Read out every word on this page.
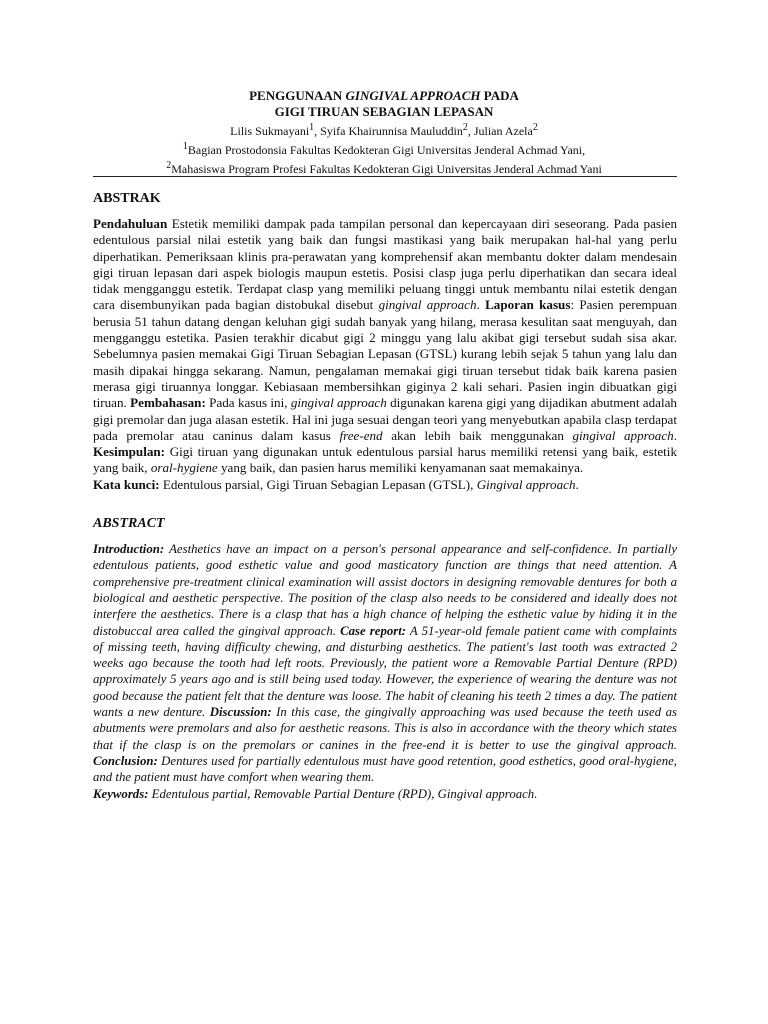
PENGGUNAAN GINGIVAL APPROACH PADA

GIGI TIRUAN SEBAGIAN LEPASAN

Lilis Sukmayani$^1$, Syifa Khairunnisa Mauluddin$^2$, Julian Azela$^2$

$^1$Bagian Prostodonsia Fakultas Kedokteran Gigi Universitas Jenderal Achmad Yani,

$^2$Mahasiswa Program Profesi Fakultas Kedokteran Gigi Universitas Jenderal Achmad Yani

ABSTRAK

Pendahuluan Estetik memiliki dampak pada tampilan personal dan kepercayaan diri seseorang. Pada pasien edentulous parsial nilai estetik yang baik dan fungsi mastikasi yang baik merupakan hal-hal yang perlu diperhatikan. Pemeriksaan klinis pra-perawatan yang komprehensif akan membantu dokter dalam mendesain gigi tiruan lepasan dari aspek biologis maupun estetis. Posisi clasp juga perlu diperhatikan dan secara ideal tidak mengganggu estetik. Terdapat clasp yang memiliki peluang tinggi untuk membantu nilai estetik dengan cara disembunyikan pada bagian distobukal disebut gingival approach. Laporan kasus: Pasien perempuan berusia 51 tahun datang dengan keluhan gigi sudah banyak yang hilang, merasa kesulitan saat menguyah, dan mengganggu estetika. Pasien terakhir dicabut gigi 2 minggu yang lalu akibat gigi tersebut sudah sisa akar. Sebelumnya pasien memakai Gigi Tiruan Sebagian Lepasan (GTSL) kurang lebih sejak 5 tahun yang lalu dan masih dipakai hingga sekarang. Namun, pengalaman memakai gigi tiruan tersebut tidak baik karena pasien merasa gigi tiruannya longgar. Kebiasaan membersihkan giginya 2 kali sehari. Pasien ingin dibuatkan gigi tiruan. Pembahasan: Pada kasus ini, gingival approach digunakan karena gigi yang dijadikan abutment adalah gigi premolar dan juga alasan estetik. Hal ini juga sesuai dengan teori yang menyebutkan apabila clasp terdapat pada premolar atau caninus dalam kasus free-end akan lebih baik menggunakan gingival approach. Kesimpulan: Gigi tiruan yang digunakan untuk edentulous parsial harus memiliki retensi yang baik, estetik yang baik, oral-hygiene yang baik, dan pasien harus memiliki kenyamanan saat memakainya.

Kata kunci: Edentulous parsial, Gigi Tiruan Sebagian Lepasan (GTSL), Gingival approach.

ABSTRACT

Introduction: Aesthetics have an impact on a person's personal appearance and self-confidence. In partially edentulous patients, good esthetic value and good masticatory function are things that need attention. A comprehensive pre-treatment clinical examination will assist doctors in designing removable dentures for both a biological and aesthetic perspective. The position of the clasp also needs to be considered and ideally does not interfere the aesthetics. There is a clasp that has a high chance of helping the esthetic value by hiding it in the distobuccal area called the gingival approach. Case report: A 51-year-old female patient came with complaints of missing teeth, having difficulty chewing, and disturbing aesthetics. The patient's last tooth was extracted 2 weeks ago because the tooth had left roots. Previously, the patient wore a Removable Partial Denture (RPD) approximately 5 years ago and is still being used today. However, the experience of wearing the denture was not good because the patient felt that the denture was loose. The habit of cleaning his teeth 2 times a day. The patient wants a new denture. Discussion: In this case, the gingivally approaching was used because the teeth used as abutments were premolars and also for aesthetic reasons. This is also in accordance with the theory which states that if the clasp is on the premolars or canines in the free-end it is better to use the gingival approach. Conclusion: Dentures used for partially edentulous must have good retention, good esthetics, good oral-hygiene, and the patient must have comfort when wearing them.

Keywords: Edentulous partial, Removable Partial Denture (RPD), Gingival approach.
